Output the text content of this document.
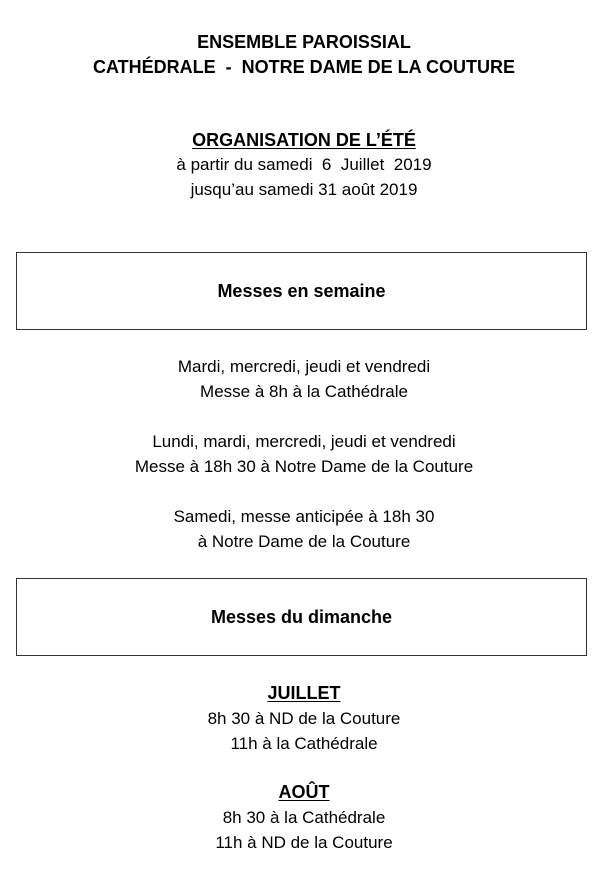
ENSEMBLE PAROISSIAL
CATHÉDRALE  -  NOTRE DAME DE LA COUTURE
ORGANISATION DE L’ÉTÉ
à partir du samedi  6  Juillet  2019
jusqu’au samedi 31 août 2019
Messes en semaine
Mardi, mercredi, jeudi et vendredi
Messe à 8h à la Cathédrale
Lundi, mardi, mercredi, jeudi et vendredi
Messe à 18h 30 à Notre Dame de la Couture
Samedi, messe anticipée à 18h 30
à Notre Dame de la Couture
Messes du dimanche
JUILLET
8h 30 à ND de la Couture
11h à la Cathédrale
AOÛT
8h 30 à la Cathédrale
11h à ND de la Couture
